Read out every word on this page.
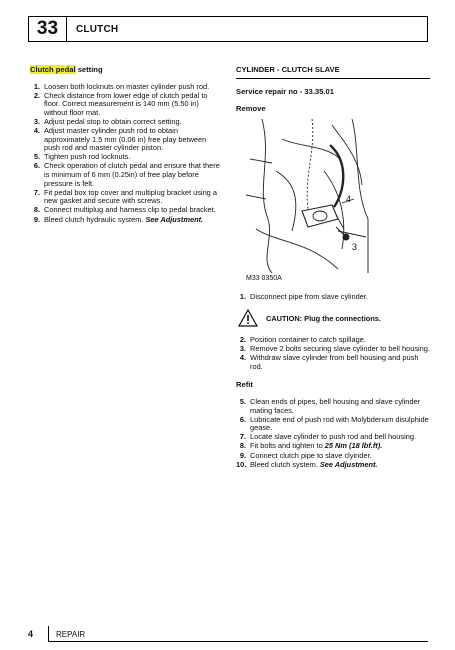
33	CLUTCH
Clutch pedal setting
1. Loosen both locknuts on master cylinder push rod.
2. Check distance from lower edge of clutch pedal to floor. Correct measurement is 140 mm (5.50 in) without floor mat.
3. Adjust pedal stop to obtain correct setting.
4. Adjust master cylinder push rod to obtain approximately 1.5 mm (0.06 in) free play between push rod and master cylinder piston.
5. Tighten push rod locknuts.
6. Check operation of clutch pedal and ensure that there is minimum of 6 mm (0.25in) of free play before pressure is felt.
7. Fit pedal box top cover and multiplug bracket using a new gasket and secure with screws.
8. Connect multiplug and harness clip to pedal bracket.
9. Bleed clutch hydraulic system. See Adjustment.
CYLINDER - CLUTCH SLAVE
Service repair no - 33.35.01
Remove
4
3
M33 0350A
1. Disconnect pipe from slave cylinder.
CAUTION: Plug the connections.
2. Position container to catch spillage.
3. Remove 2 bolts securing slave cylinder to bell housing.
4. Withdraw slave cylinder from bell housing and push rod.
Refit
5. Clean ends of pipes, bell housing and slave cylinder mating faces.
6. Lubricate end of push rod with Molybdenum disulphide gease.
7. Locate slave cylinder to push rod and bell housing.
8. Fit bolts and tighten to 25 Nm (18 lbf.ft).
9. Connect clutch pipe to slave clyinder.
10. Bleed clutch system. See Adjustment.
4	REPAIR
